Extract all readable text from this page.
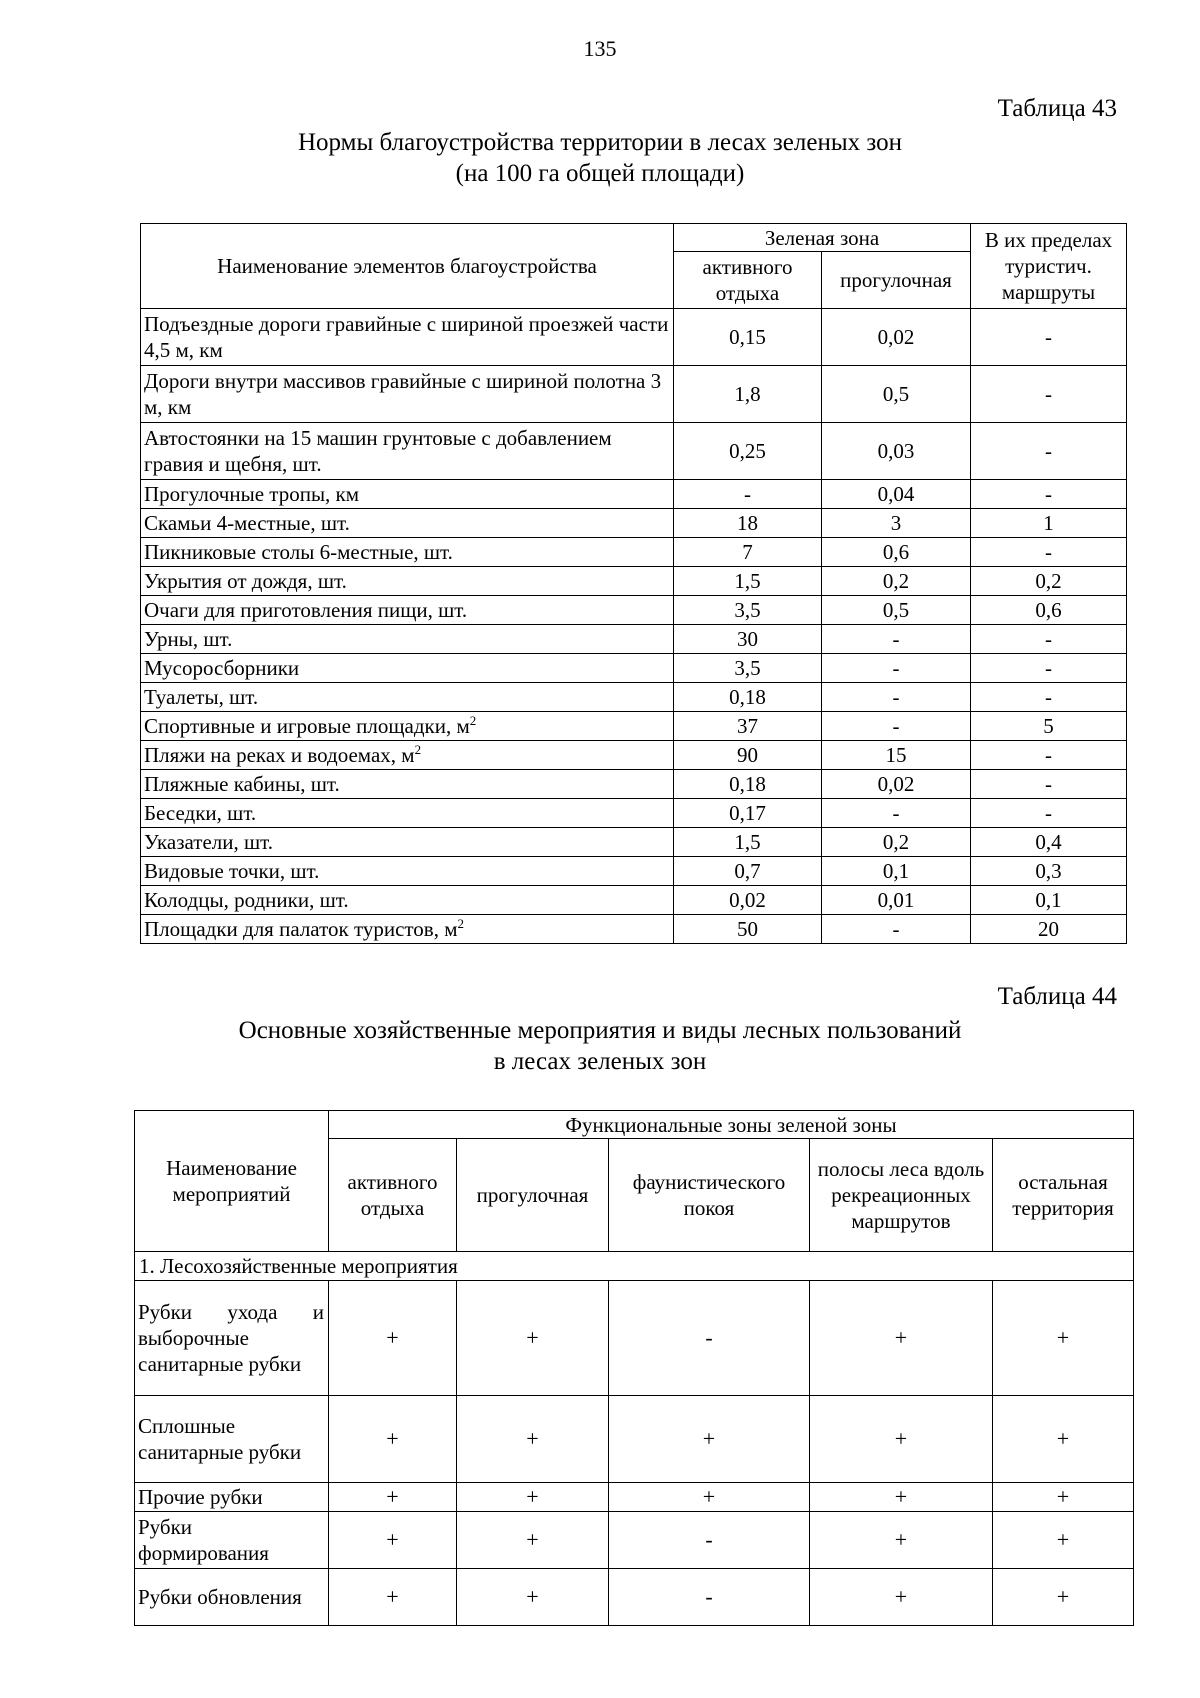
135
Таблица 43
Нормы благоустройства территории в лесах зеленых зон
(на 100 га общей площади)
Наименование элементов благоустройства	Зеленая зона		В их пределах туристич. маршруты
	активного отдыха	прогулочная	
Подъездные дороги гравийные с шириной проезжей части 4,5 м, км	0,15	0,02	-
Дороги внутри массивов гравийные с шириной полотна 3 м, км	1,8	0,5	-
Автостоянки на 15 машин грунтовые с добавлением гравия и щебня, шт.	0,25	0,03	-
Прогулочные тропы, км	-	0,04	-
Скамьи 4-местные, шт.	18	3	1
Пикниковые столы 6-местные, шт.	7	0,6	-
Укрытия от дождя, шт.	1,5	0,2	0,2
Очаги для приготовления пищи, шт.	3,5	0,5	0,6
Урны, шт.	30	-	-
Мусоросборники	3,5	-	-
Туалеты, шт.	0,18	-	-
Спортивные и игровые площадки, $м^2$	37	-	5
Пляжи на реках и водоемах, $м^2$	90	15	-
Пляжные кабины, шт.	0,18	0,02	-
Беседки, шт.	0,17	-	-
Указатели, шт.	1,5	0,2	0,4
Видовые точки, шт.	0,7	0,1	0,3
Колодцы, родники, шт.	0,02	0,01	0,1
Площадки для палаток туристов, $м^2$	50	-	20
Таблица 44
Основные хозяйственные мероприятия и виды лесных пользований
в лесах зеленых зон
Наименование мероприятий	Функциональные зоны зеленой зоны				
	активного отдыха	прогулочная	фаунистического покоя	полосы леса вдоль рекреационных маршрутов	остальная территория
1. Лесохозяйственные мероприятия					
Рубки ухода и выборочные санитарные рубки	+	+	-	+	+
Сплошные санитарные рубки	+	+	+	+	+
Прочие рубки	+	+	+	+	+
Рубки формирования	+	+	-	+	+
Рубки обновления	+	+	-	+	+
